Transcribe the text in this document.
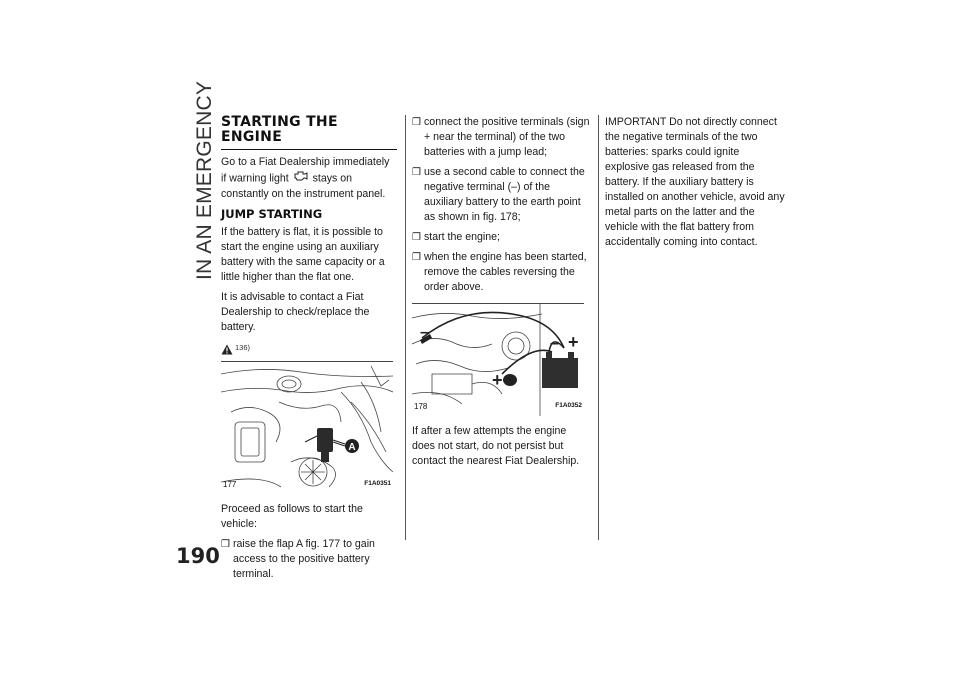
IN AN EMERGENCY
190
STARTING THE ENGINE

Go to a Fiat Dealership immediately if warning light stays on constantly on the instrument panel.

JUMP STARTING

If the battery is flat, it is possible to start the engine using an auxiliary battery with the same capacity or a little higher than the flat one.

It is advisable to contact a Fiat Dealership to check/replace the battery.

136)
A
177	F1A0351

Proceed as follows to start the vehicle:

❒ raise the flap A fig. 177 to gain access to the positive battery terminal.
❒ connect the positive terminals (sign + near the terminal) of the two batteries with a jump lead;
❒ use a second cable to connect the negative terminal (–) of the auxiliary battery to the earth point as shown in fig. 178;
❒ start the engine;
❒ when the engine has been started, remove the cables reversing the order above.
–
+
– +
178	F1A0352

If after a few attempts the engine does not start, do not persist but contact the nearest Fiat Dealership.

IMPORTANT Do not directly connect the negative terminals of the two batteries: sparks could ignite explosive gas released from the battery. If the auxiliary battery is installed on another vehicle, avoid any metal parts on the latter and the vehicle with the flat battery from accidentally coming into contact.
